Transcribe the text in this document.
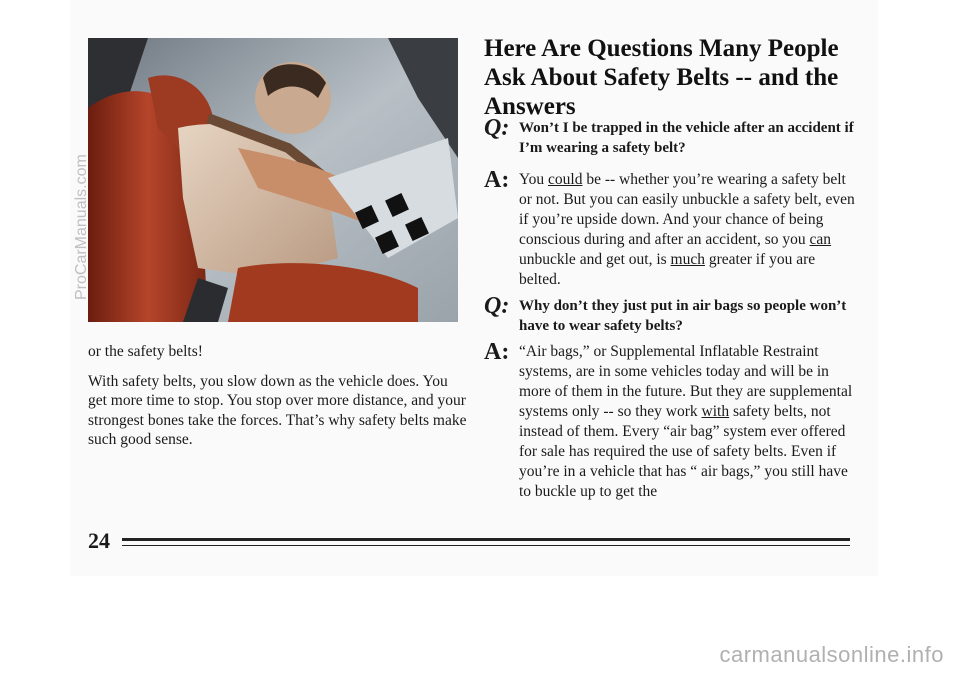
or the safety belts!

With safety belts, you slow down as the vehicle does. You get more time to stop. You stop over more distance, and your strongest bones take the forces. That’s why safety belts make such good sense.

Here Are Questions Many People Ask About Safety Belts -- and the Answers
Q: Won’t I be trapped in the vehicle after an accident if I’m wearing a safety belt?
A: You could be -- whether you’re wearing a safety belt or not. But you can easily unbuckle a safety belt, even if you’re upside down. And your chance of being conscious during and after an accident, so you can unbuckle and get out, is much greater if you are belted.
Q: Why don’t they just put in air bags so people won’t have to wear safety belts?
A: “Air bags,” or Supplemental Inflatable Restraint systems, are in some vehicles today and will be in more of them in the future. But they are supplemental systems only -- so they work with safety belts, not instead of them. Every “air bag” system ever offered for sale has required the use of safety belts. Even if you’re in a vehicle that has “ air bags,” you still have to buckle up to get the
24
ProCarManuals.com
carmanualsonline.info
